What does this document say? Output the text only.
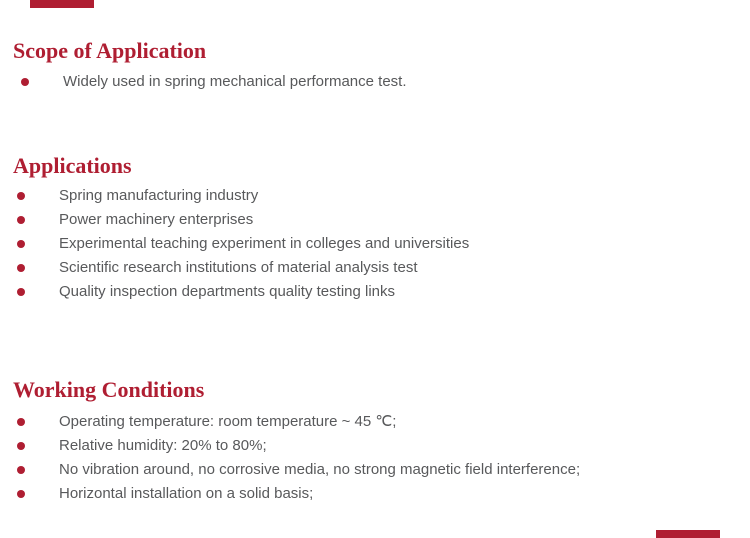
Scope of Application
Widely used in spring mechanical performance test.
Applications
Spring manufacturing industry
Power machinery enterprises
Experimental teaching experiment in colleges and universities
Scientific research institutions of material analysis test
Quality inspection departments quality testing links
Working Conditions
Operating temperature: room temperature ~ 45 ℃;
Relative humidity: 20% to 80%;
No vibration around, no corrosive media, no strong magnetic field interference;
Horizontal installation on a solid basis;
